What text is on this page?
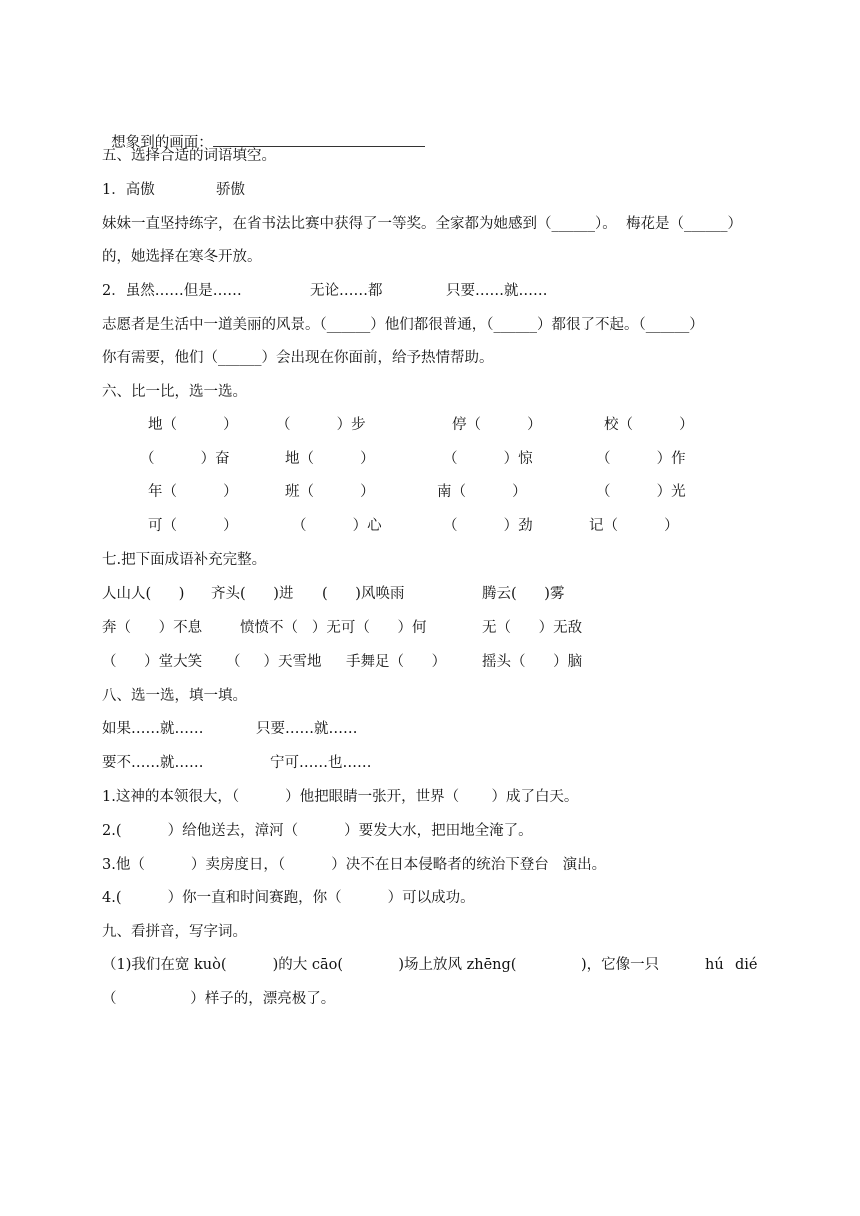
想象到的画面：

五、选择合适的词语填空。
1．高傲	骄傲
妹妹一直坚持练字，在省书法比赛中获得了一等奖。全家都为她感到（______）。  梅花是（______）
的，她选择在寒冬开放。
2．虽然……但是……	无论……都	只要……就……
志愿者是生活中一道美丽的风景。（______）他们都很普通，（______）都很了不起。（______）
你有需要，他们（______）会出现在你面前，给予热情帮助。
六、比一比，选一选。
地（          ）	（          ）步	停（          ）	校（          ）
（          ）奋	地（          ）	（          ）惊	（          ）作
年（          ）	班（          ）	南（          ）	（          ）光
可（          ）	（          ）心	（          ）劲	记（          ）
七.把下面成语补充完整。
人山人(      ) 齐头(      )进 (      )风唤雨	腾云(      )雾
奔（      ）不息	愤愤不（   ）无可（      ）何	无（      ）无敌
（      ）堂大笑 （     ）天雪地 手舞足（      ） 摇头（      ）脑
八、选一选，填一填。
如果……就……	只要……就……
要不……就……	宁可……也……
1.这神的本领很大，（          ）他把眼睛一张开，世界（       ）成了白天。
2.(          ）给他送去，漳河（          ）要发大水，把田地全淹了。
3.他（          ）卖房度日，（          ）决不在日本侵略者的统治下登台   演出。
4.(          ）你一直和时间赛跑，你（          ）可以成功。
九、看拼音，写字词。
（1)我们在宽 kuò(          )的大 cāo(            )场上放风 zhēng(              )，它像一只	hú dié
（                ）样子的，漂亮极了。
